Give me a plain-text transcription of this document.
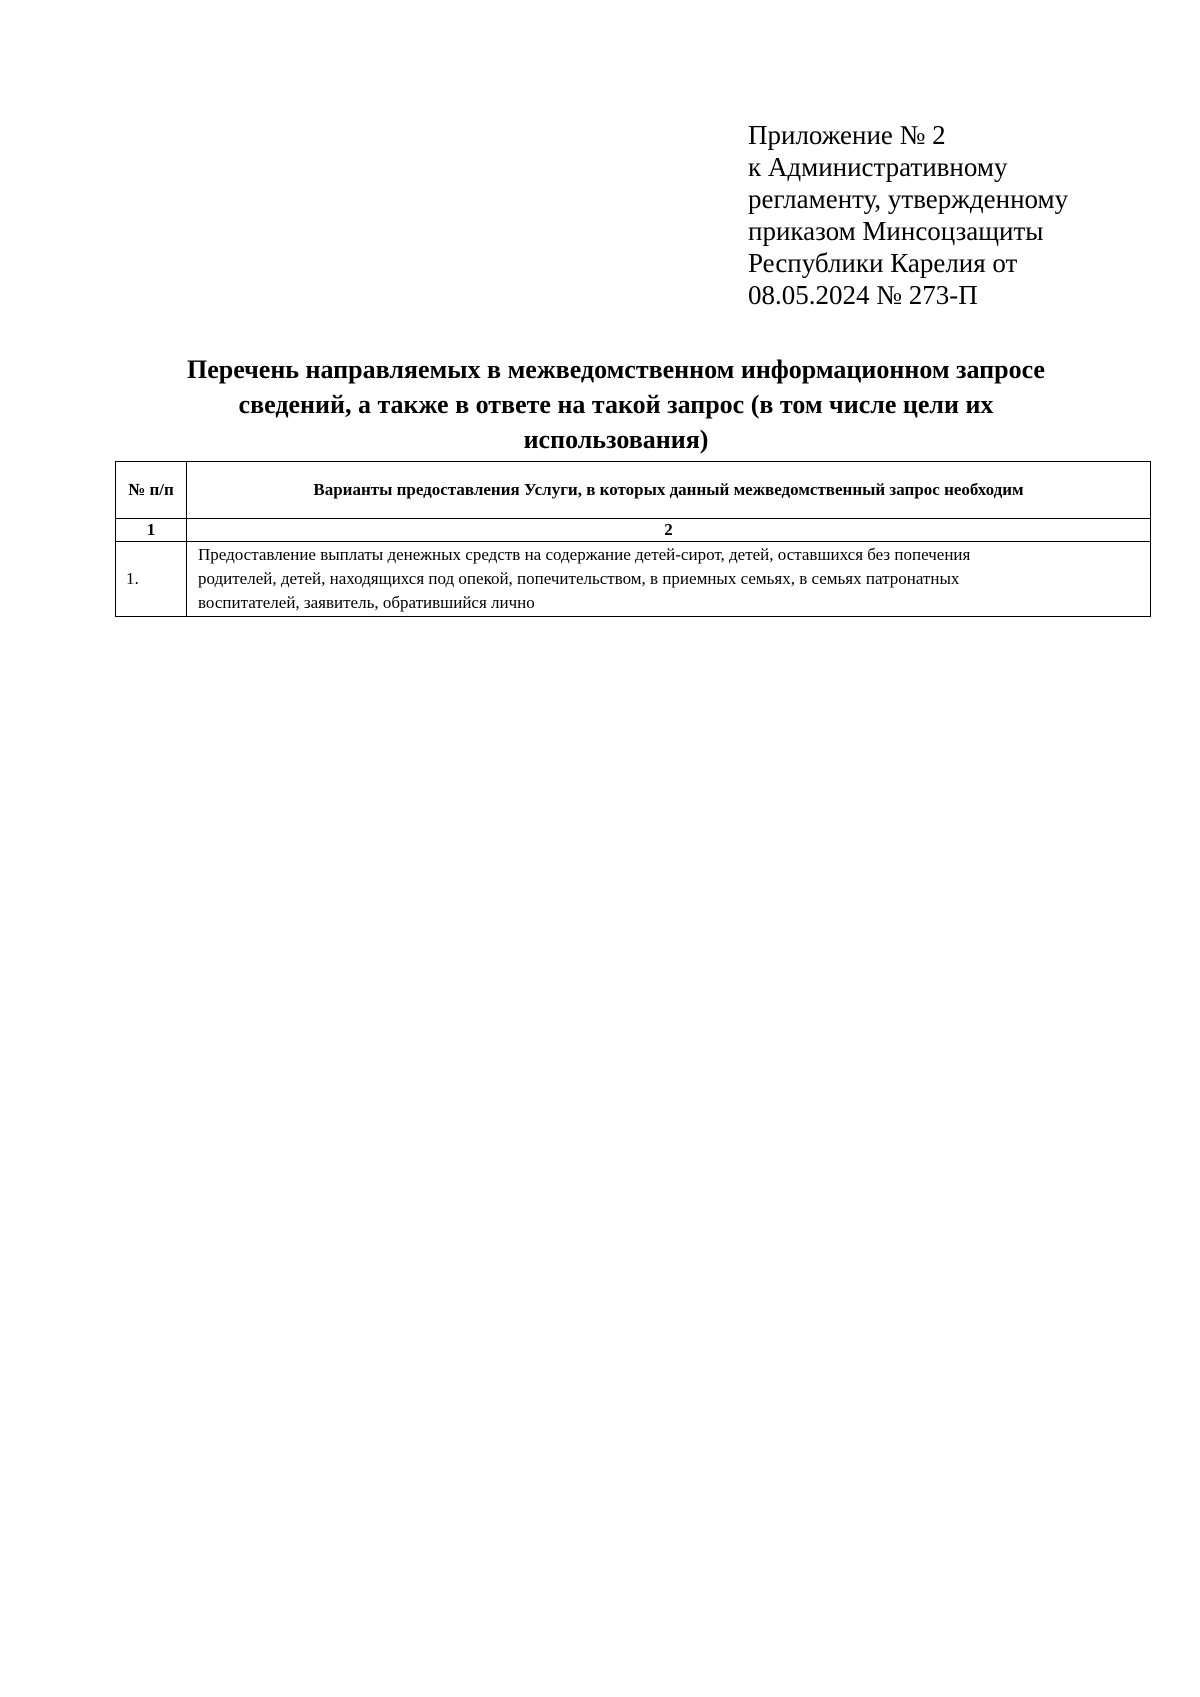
Приложение № 2
к Административному
регламенту, утвержденному
приказом Минсоцзащиты
Республики Карелия от
08.05.2024 № 273-П
Перечень направляемых в межведомственном информационном запросе
сведений, а также в ответе на такой запрос (в том числе цели их
использования)
№ п/п	Варианты предоставления Услуги, в которых данный межведомственный запрос необходим
1	2
1.	Предоставление выплаты денежных средств на содержание детей-сирот, детей, оставшихся без попечения
родителей, детей, находящихся под опекой, попечительством, в приемных семьях, в семьях патронатных
воспитателей, заявитель, обратившийся лично
